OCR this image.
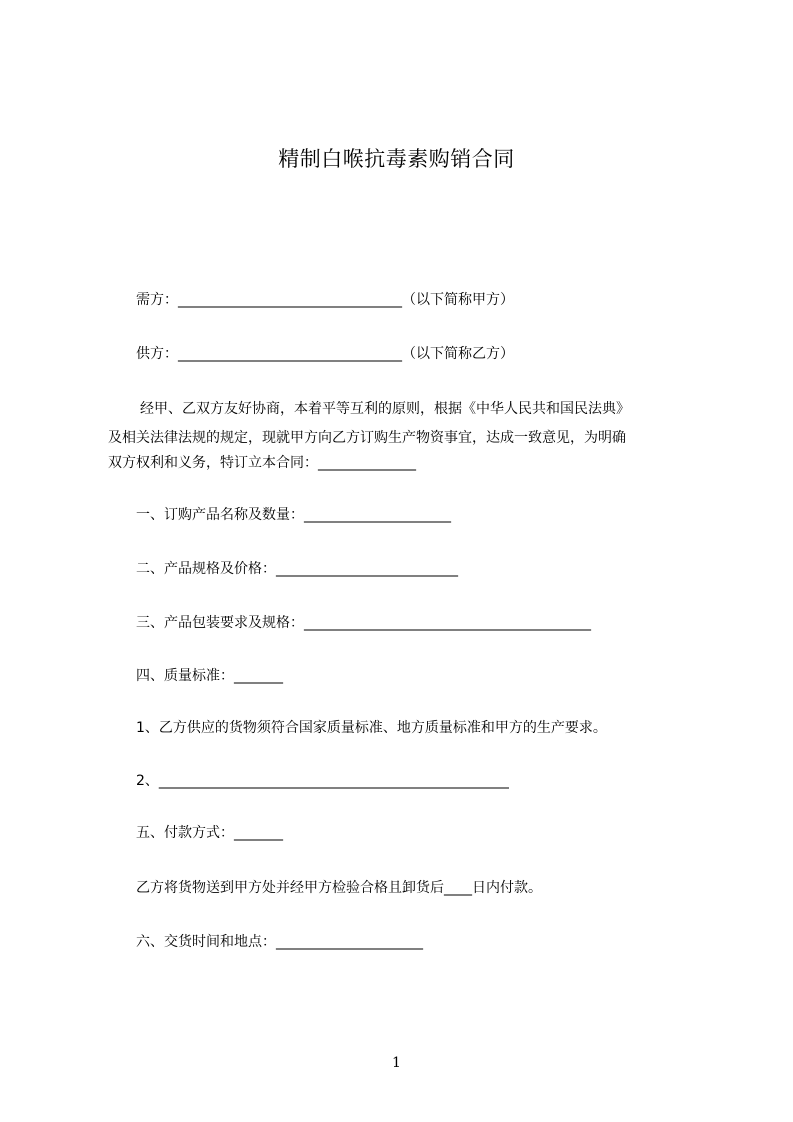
精制白喉抗毒素购销合同
需方：________________________________（以下简称甲方）
供方：________________________________（以下简称乙方）
经甲、乙双方友好协商，本着平等互利的原则，根据《中华人民共和国民法典》
及相关法律法规的规定，现就甲方向乙方订购生产物资事宜，达成一致意见，为明确
双方权利和义务，特订立本合同：______________
一、订购产品名称及数量：_____________________
二、产品规格及价格：__________________________
三、产品包装要求及规格：_________________________________________
四、质量标准：_______
1、乙方供应的货物须符合国家质量标准、地方质量标准和甲方的生产要求。
2、__________________________________________________
五、付款方式：_______
乙方将货物送到甲方处并经甲方检验合格且卸货后____日内付款。
六、交货时间和地点：_____________________
1
